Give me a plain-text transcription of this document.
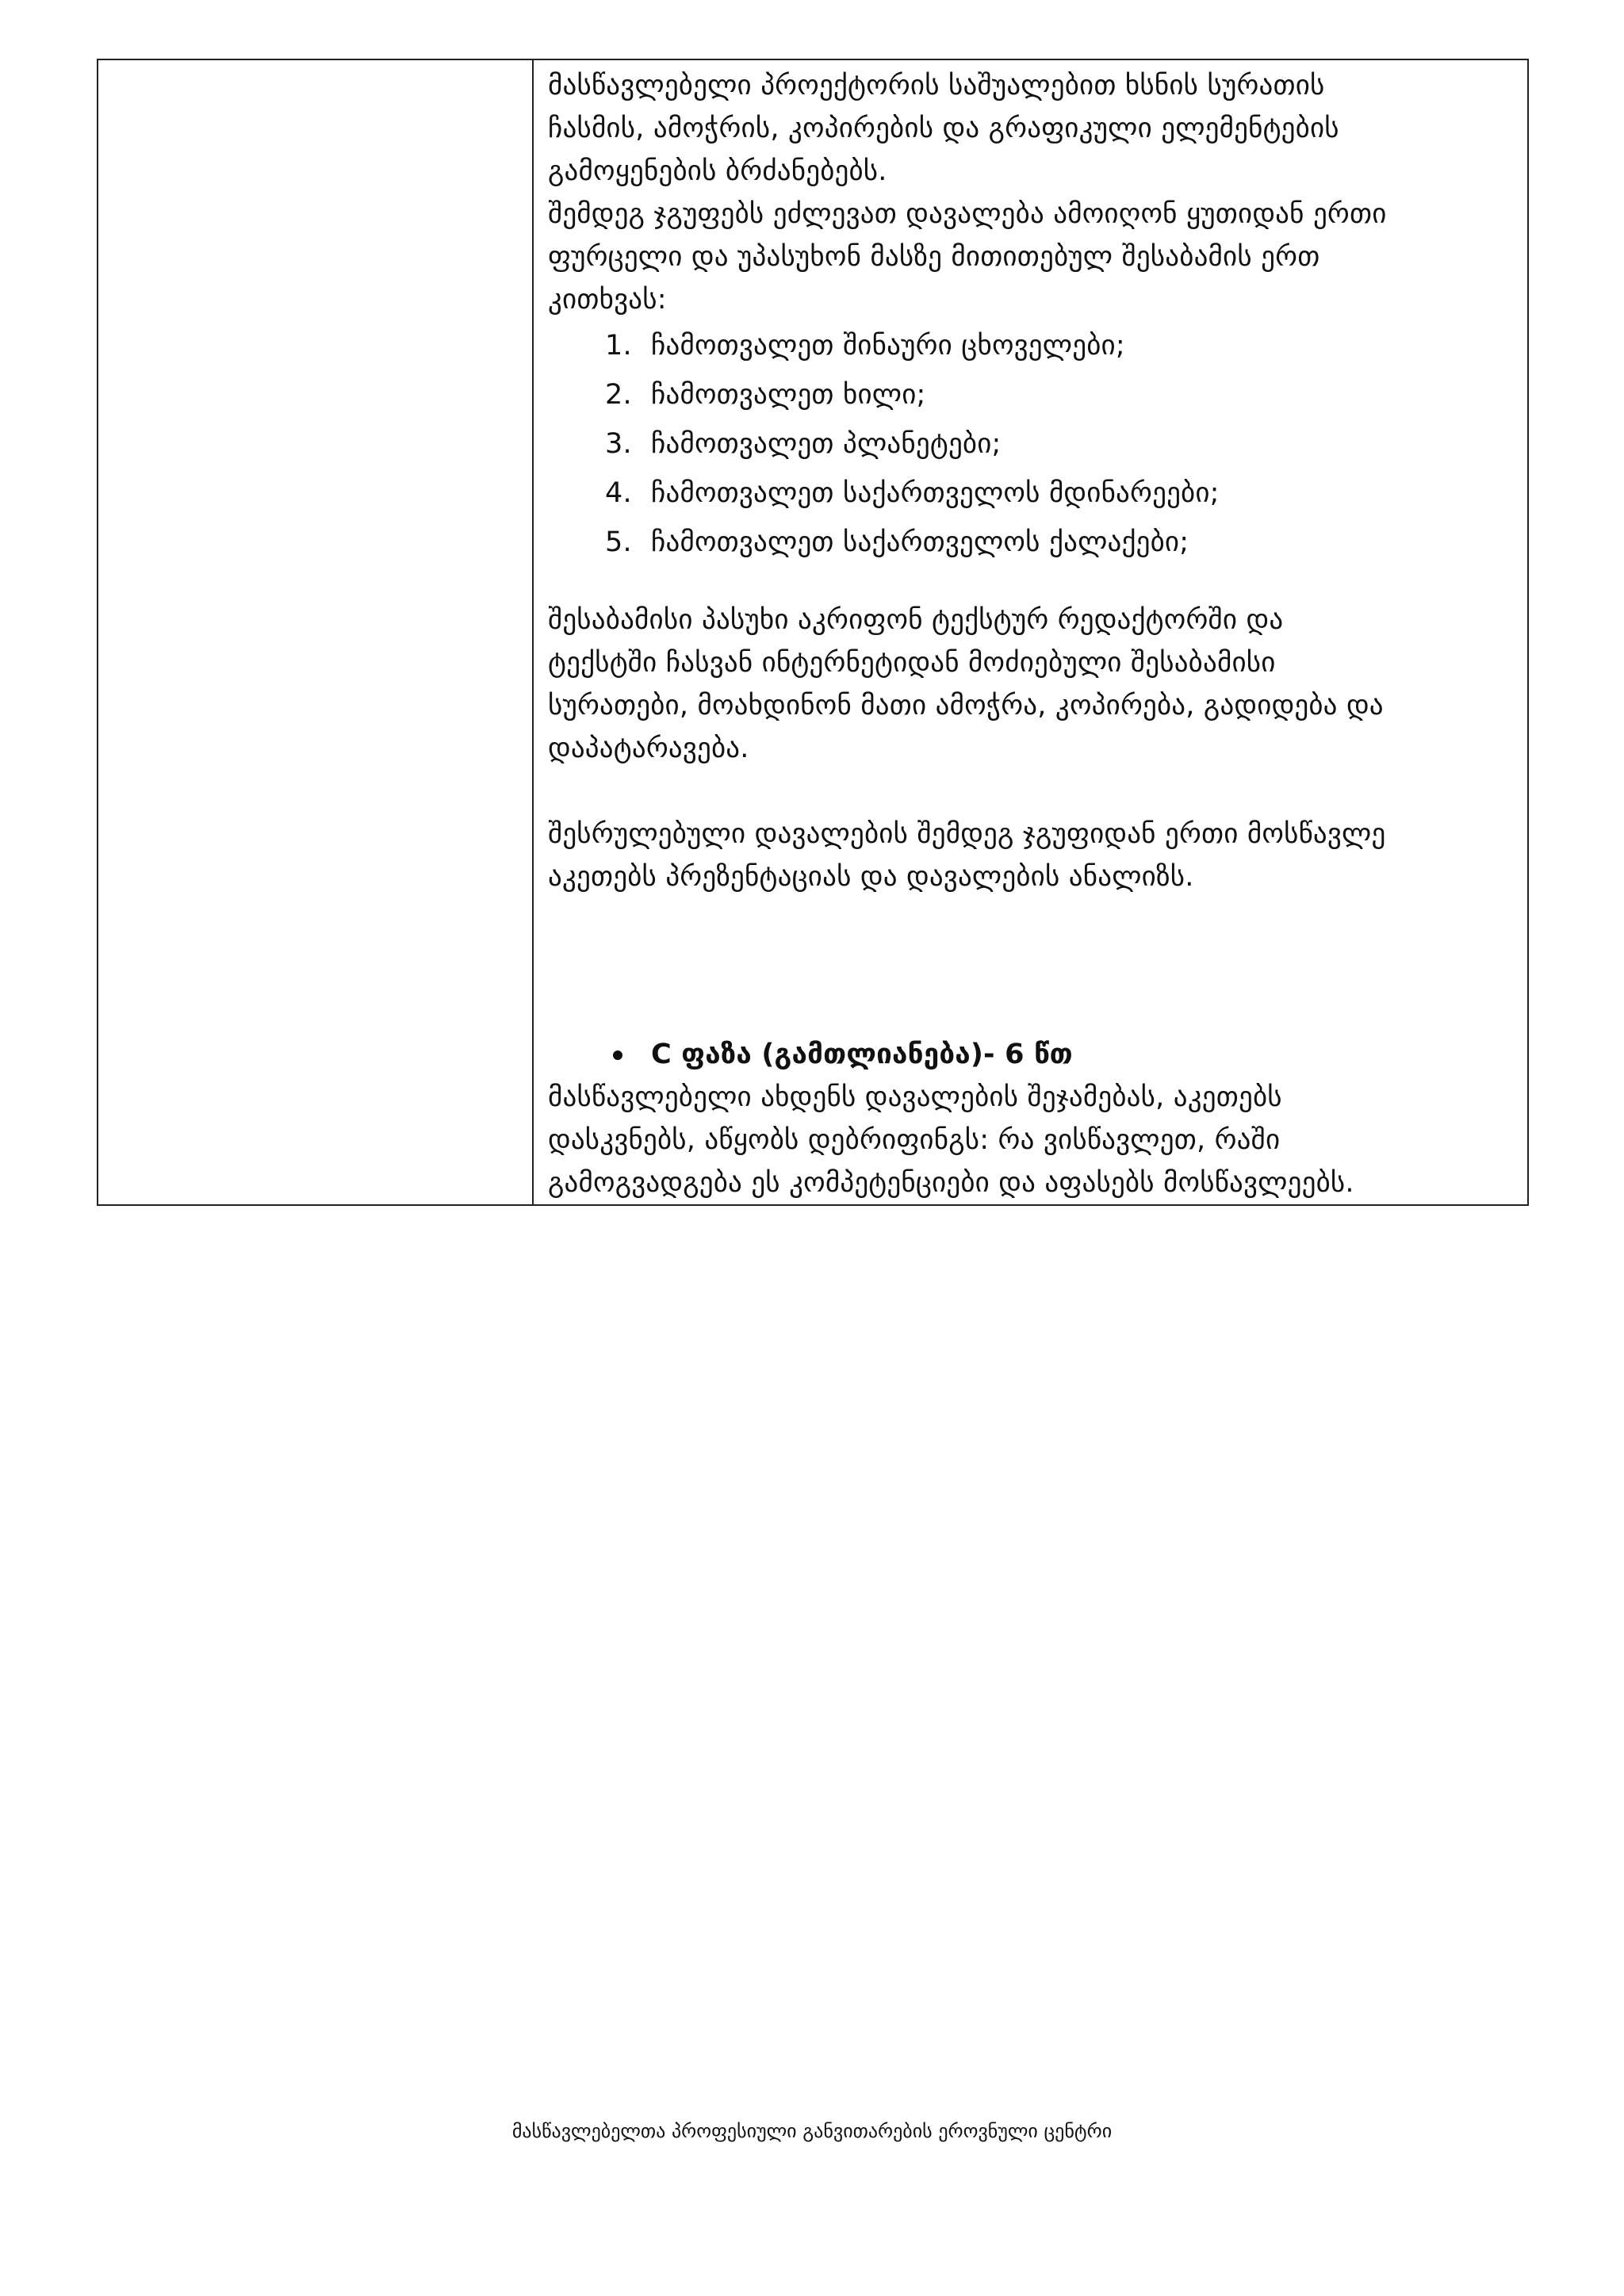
მასწავლებელი პროექტორის საშუალებით ხსნის სურათის

ჩასმის, ამოჭრის, კოპირების და გრაფიკული ელემენტების

გამოყენების ბრძანებებს.

შემდეგ ჯგუფებს ეძლევათ დავალება ამოიღონ ყუთიდან ერთი

ფურცელი და უპასუხონ მასზე მითითებულ შესაბამის ერთ

კითხვას:

1. ჩამოთვალეთ შინაური ცხოველები;
2. ჩამოთვალეთ ხილი;
3. ჩამოთვალეთ პლანეტები;
4. ჩამოთვალეთ საქართველოს მდინარეები;
5. ჩამოთვალეთ საქართველოს ქალაქები;

შესაბამისი პასუხი აკრიფონ ტექსტურ რედაქტორში და

ტექსტში ჩასვან ინტერნეტიდან მოძიებული შესაბამისი

სურათები, მოახდინონ მათი ამოჭრა, კოპირება, გადიდება და

დაპატარავება.

შესრულებული დავალების შემდეგ ჯგუფიდან ერთი მოსწავლე

აკეთებს პრეზენტაციას და დავალების ანალიზს.

C ფაზა (გამთლიანება)- 6 წთ

მასწავლებელი ახდენს დავალების შეჯამებას, აკეთებს

დასკვნებს, აწყობს დებრიფინგს: რა ვისწავლეთ, რაში

გამოგვადგება ეს კომპეტენციები და აფასებს მოსწავლეებს.

მასწავლებელთა პროფესიული განვითარების ეროვნული ცენტრი
